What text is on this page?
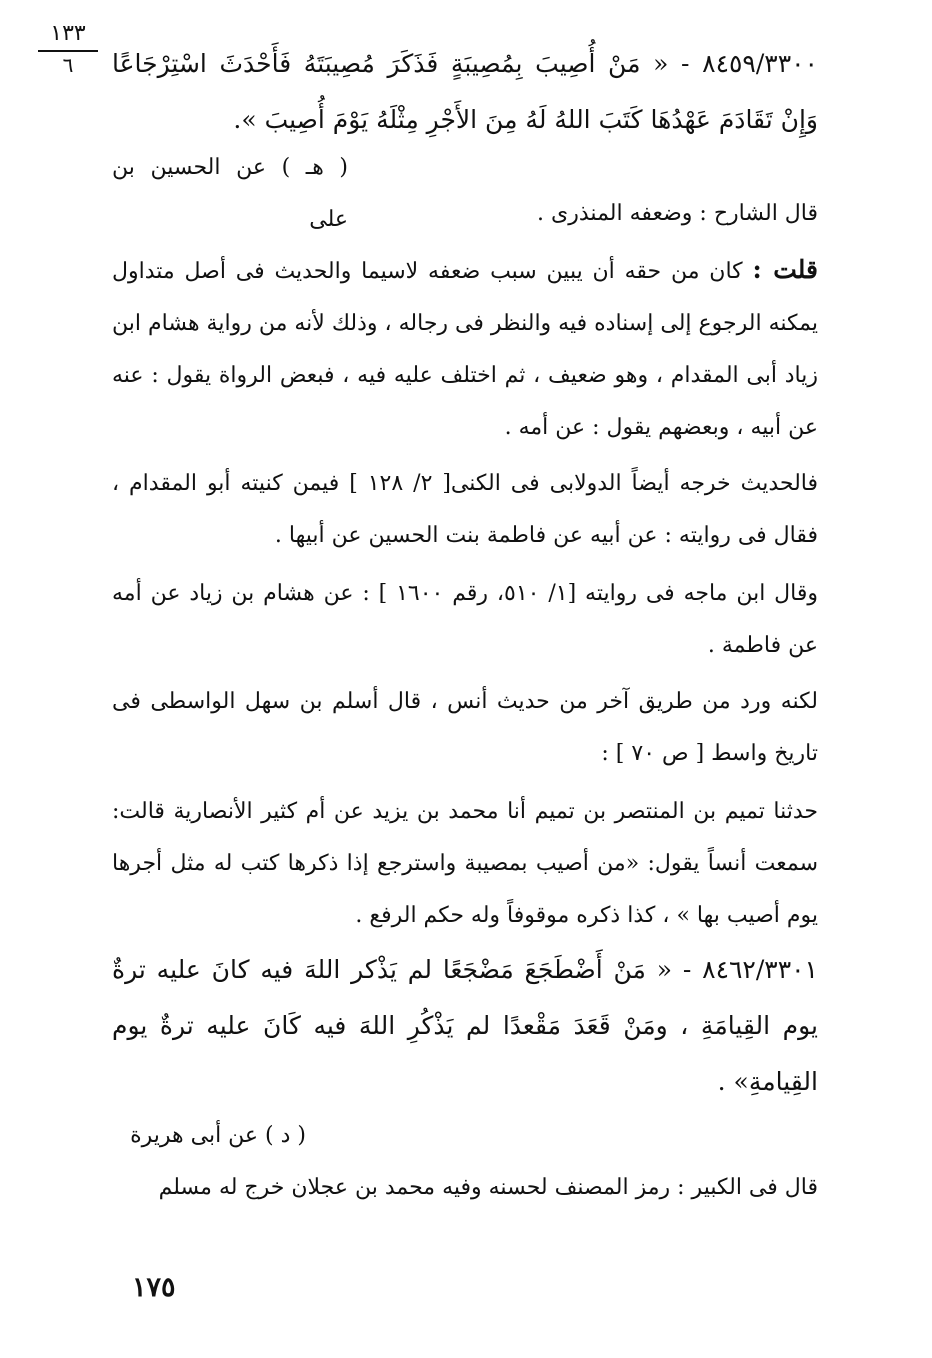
١٣٣
٦	٨٤٥٩/٣٣٠٠ - « مَنْ أُصِيبَ بِمُصِيبَةٍ فَذَكَرَ مُصِيبَتَهُ فَأَحْدَثَ اسْتِرْجَاعًا وَإِنْ تَقَادَمَ عَهْدُهَا كَتَبَ اللهُ لَهُ مِنَ الأَجْرِ مِثْلَهُ يَوْمَ أُصِيبَ ».

( هـ ) عن الحسين بن على	قال الشارح : وضعفه المنذرى .

قلت : كان من حقه أن يبين سبب ضعفه لاسيما والحديث فى أصل متداول يمكنه الرجوع إلى إسناده فيه والنظر فى رجاله ، وذلك لأنه من رواية هشام ابن زياد أبى المقدام ، وهو ضعيف ، ثم اختلف عليه فيه ، فبعض الرواة يقول : عنه عن أبيه ، وبعضهم يقول : عن أمه .

فالحديث خرجه أيضاً الدولابى فى الكنى[ ٢/ ١٢٨ ] فيمن كنيته أبو المقدام ، فقال فى روايته : عن أبيه عن فاطمة بنت الحسين عن أبيها .

وقال ابن ماجه فى روايته [١/ ٥١٠، رقم ١٦٠٠ ] : عن هشام بن زياد عن أمه عن فاطمة .

لكنه ورد من طريق آخر من حديث أنس ، قال أسلم بن سهل الواسطى فى تاريخ واسط [ ص ٧٠ ] :

حدثنا تميم بن المنتصر بن تميم أنا محمد بن يزيد عن أم كثير الأنصارية قالت: سمعت أنساً يقول: «من أصيب بمصيبة واسترجع إذا ذكرها كتب له مثل أجرها يوم أصيب بها » ، كذا ذكره موقوفاً وله حكم الرفع .

٨٤٦٢/٣٣٠١ - « مَنْ أَضْطَجَعَ مَضْجَعًا لم يَذْكر اللهَ فيه كانَ عليه ترةٌ يوم القِيامَةِ ، ومَنْ قَعَدَ مَقْعدًا لم يَذْكُرِ اللهَ فيه كَانَ عليه ترةٌ يوم القِيامةِ» .

( د ) عن أبى هريرة

قال فى الكبير : رمز المصنف لحسنه وفيه محمد بن عجلان خرج له مسلم

١٧٥
